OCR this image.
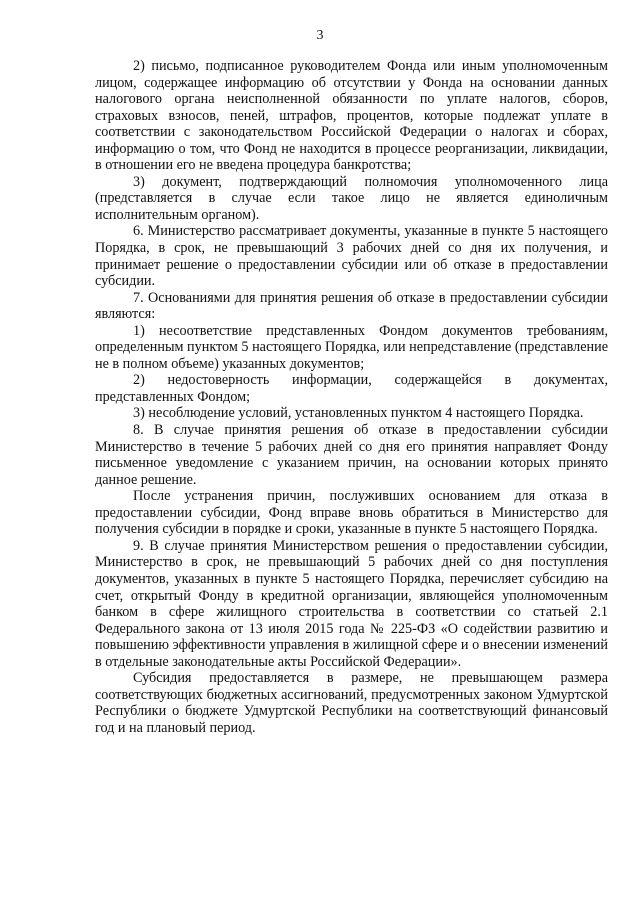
3

2) письмо, подписанное руководителем Фонда или иным уполномоченным лицом, содержащее информацию об отсутствии у Фонда на основании данных налогового органа неисполненной обязанности по уплате налогов, сборов, страховых взносов, пеней, штрафов, процентов, которые подлежат уплате в соответствии с законодательством Российской Федерации о налогах и сборах, информацию о том, что Фонд не находится в процессе реорганизации, ликвидации, в отношении его не введена процедура банкротства;

3) документ, подтверждающий полномочия уполномоченного лица (представляется в случае если такое лицо не является единоличным исполнительным органом).

6. Министерство рассматривает документы, указанные в пункте 5 настоящего Порядка, в срок, не превышающий 3 рабочих дней со дня их получения, и принимает решение о предоставлении субсидии или об отказе в предоставлении субсидии.

7. Основаниями для принятия решения об отказе в предоставлении субсидии являются:

1) несоответствие представленных Фондом документов требованиям, определенным пунктом 5 настоящего Порядка, или непредставление (представление не в полном объеме) указанных документов;

2) недостоверность информации, содержащейся в документах, представленных Фондом;

3) несоблюдение условий, установленных пунктом 4 настоящего Порядка.

8. В случае принятия решения об отказе в предоставлении субсидии Министерство в течение 5 рабочих дней со дня его принятия направляет Фонду письменное уведомление с указанием причин, на основании которых принято данное решение.

После устранения причин, послуживших основанием для отказа в предоставлении субсидии, Фонд вправе вновь обратиться в Министерство для получения субсидии в порядке и сроки, указанные в пункте 5 настоящего Порядка.

9. В случае принятия Министерством решения о предоставлении субсидии, Министерство в срок, не превышающий 5 рабочих дней со дня поступления документов, указанных в пункте 5 настоящего Порядка, перечисляет субсидию на счет, открытый Фонду в кредитной организации, являющейся уполномоченным банком в сфере жилищного строительства в соответствии со статьей 2.1 Федерального закона от 13 июля 2015 года № 225-ФЗ «О содействии развитию и повышению эффективности управления в жилищной сфере и о внесении изменений в отдельные законодательные акты Российской Федерации».

Субсидия предоставляется в размере, не превышающем размера соответствующих бюджетных ассигнований, предусмотренных законом Удмуртской Республики о бюджете Удмуртской Республики на соответствующий финансовый год и на плановый период.
